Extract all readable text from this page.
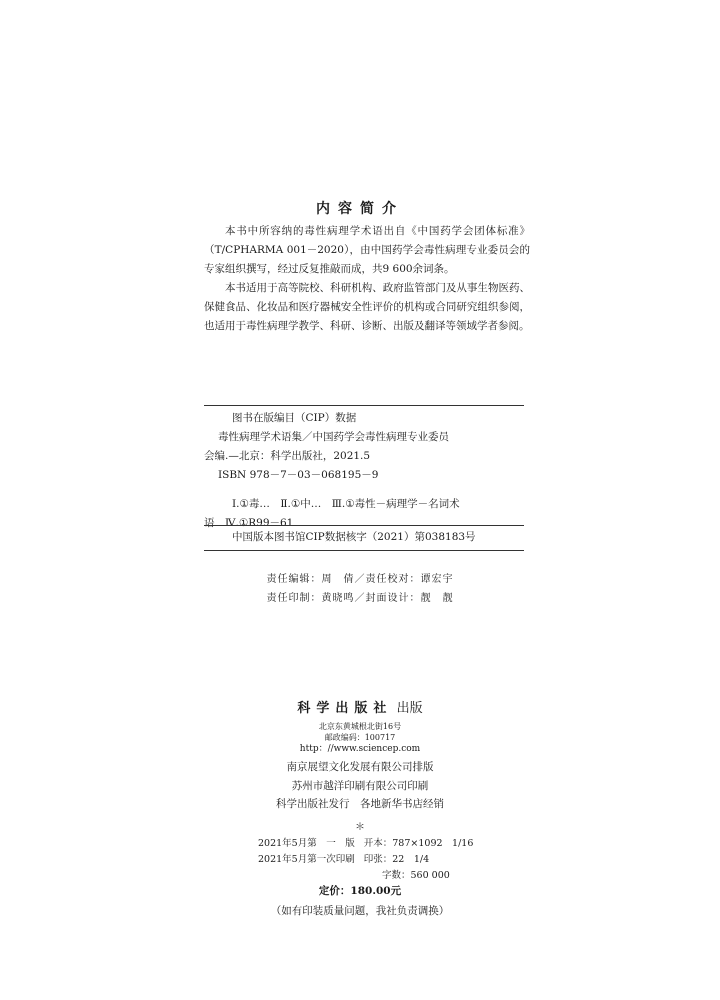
内容简介

本书中所容纳的毒性病理学术语出自《中国药学会团体标准》（T/CPHARMA 001－2020），由中国药学会毒性病理专业委员会的专家组织撰写，经过反复推敲而成，共9 600余词条。

本书适用于高等院校、科研机构、政府监管部门及从事生物医药、保健食品、化妆品和医疗器械安全性评价的机构或合同研究组织参阅，也适用于毒性病理学教学、科研、诊断、出版及翻译等领域学者参阅。

图书在版编目（CIP）数据
毒性病理学术语集／中国药学会毒性病理专业委员
会编.—北京：科学出版社，2021.5
ISBN 978－7－03－068195－9
Ⅰ.①毒…　Ⅱ.①中…　Ⅲ.①毒性－病理学－名词术
语　Ⅳ.①R99－61
中国版本图书馆CIP数据核字（2021）第038183号
责任编辑：周　倩／责任校对：谭宏宇
责任印制：黄晓鸣／封面设计：靓　靓
科学出版社 出版
北京东黄城根北街16号
邮政编码：100717
http：//www.sciencep.com
南京展望文化发展有限公司排版
苏州市越洋印刷有限公司印刷
科学出版社发行　各地新华书店经销
＊
2021年5月第　一　版 开本：787×1092　1/16
2021年5月第一次印刷 印张：22　1/4
字数：560 000
定价：180.00元
（如有印装质量问题，我社负责调换）
